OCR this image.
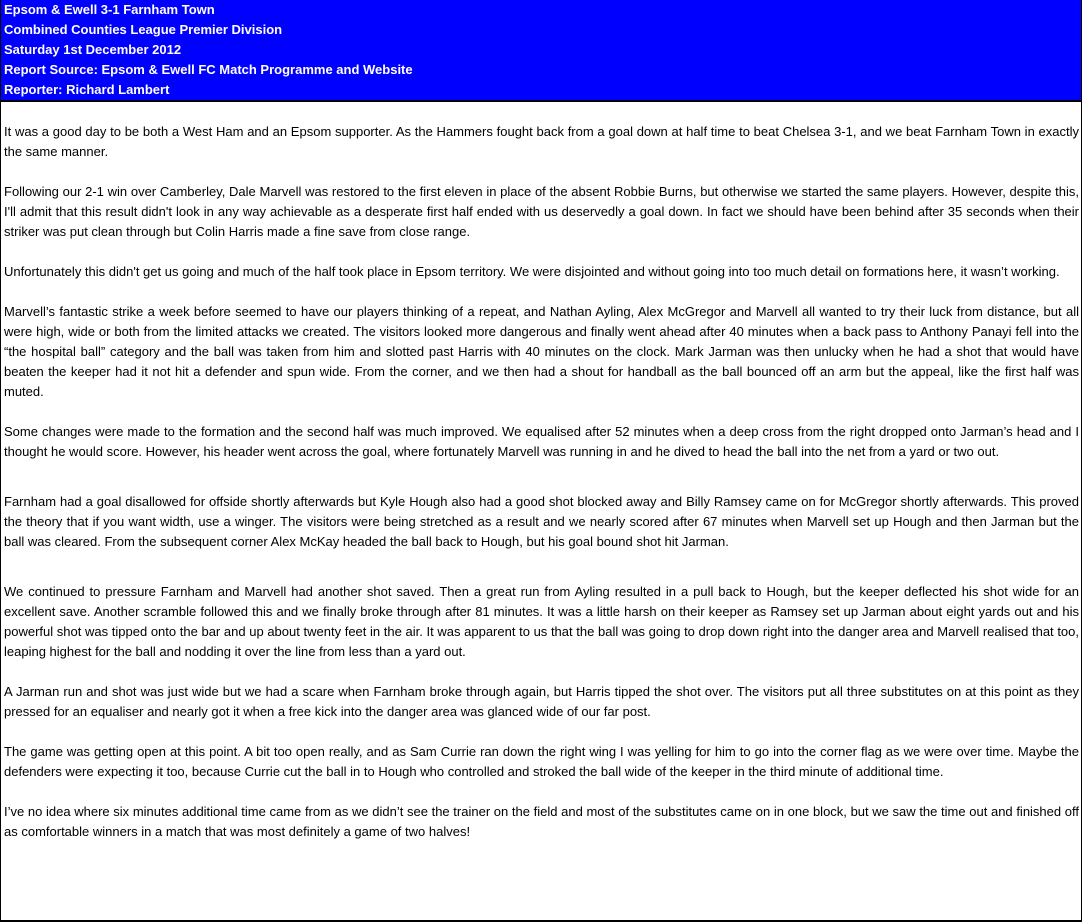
Epsom & Ewell 3-1 Farnham Town
Combined Counties League Premier Division
Saturday 1st December 2012
Report Source: Epsom & Ewell FC Match Programme and Website
Reporter: Richard Lambert

It was a good day to be both a West Ham and an Epsom supporter. As the Hammers fought back from a goal down at half time to beat Chelsea 3-1, and we beat Farnham Town in exactly the same manner.

Following our 2-1 win over Camberley, Dale Marvell was restored to the first eleven in place of the absent Robbie Burns, but otherwise we started the same players. However, despite this, I'll admit that this result didn't look in any way achievable as a desperate first half ended with us deservedly a goal down. In fact we should have been behind after 35 seconds when their striker was put clean through but Colin Harris made a fine save from close range.

Unfortunately this didn't get us going and much of the half took place in Epsom territory. We were disjointed and without going into too much detail on formations here, it wasn’t working.

Marvell’s fantastic strike a week before seemed to have our players thinking of a repeat, and Nathan Ayling, Alex McGregor and Marvell all wanted to try their luck from distance, but all were high, wide or both from the limited attacks we created. The visitors looked more dangerous and finally went ahead after 40 minutes when a back pass to Anthony Panayi fell into the “the hospital ball” category and the ball was taken from him and slotted past Harris with 40 minutes on the clock. Mark Jarman was then unlucky when he had a shot that would have beaten the keeper had it not hit a defender and spun wide. From the corner, and we then had a shout for handball as the ball bounced off an arm but the appeal, like the first half was muted.

Some changes were made to the formation and the second half was much improved. We equalised after 52 minutes when a deep cross from the right dropped onto Jarman’s head and I thought he would score. However, his header went across the goal, where fortunately Marvell was running in and he dived to head the ball into the net from a yard or two out.

Farnham had a goal disallowed for offside shortly afterwards but Kyle Hough also had a good shot blocked away and Billy Ramsey came on for McGregor shortly afterwards. This proved the theory that if you want width, use a winger. The visitors were being stretched as a result and we nearly scored after 67 minutes when Marvell set up Hough and then Jarman but the ball was cleared. From the subsequent corner Alex McKay headed the ball back to Hough, but his goal bound shot hit Jarman.

We continued to pressure Farnham and Marvell had another shot saved. Then a great run from Ayling resulted in a pull back to Hough, but the keeper deflected his shot wide for an excellent save. Another scramble followed this and we finally broke through after 81 minutes. It was a little harsh on their keeper as Ramsey set up Jarman about eight yards out and his powerful shot was tipped onto the bar and up about twenty feet in the air. It was apparent to us that the ball was going to drop down right into the danger area and Marvell realised that too, leaping highest for the ball and nodding it over the line from less than a yard out.

A Jarman run and shot was just wide but we had a scare when Farnham broke through again, but Harris tipped the shot over. The visitors put all three substitutes on at this point as they pressed for an equaliser and nearly got it when a free kick into the danger area was glanced wide of our far post.

The game was getting open at this point. A bit too open really, and as Sam Currie ran down the right wing I was yelling for him to go into the corner flag as we were over time. Maybe the defenders were expecting it too, because Currie cut the ball in to Hough who controlled and stroked the ball wide of the keeper in the third minute of additional time.

I’ve no idea where six minutes additional time came from as we didn’t see the trainer on the field and most of the substitutes came on in one block, but we saw the time out and finished off as comfortable winners in a match that was most definitely a game of two halves!
